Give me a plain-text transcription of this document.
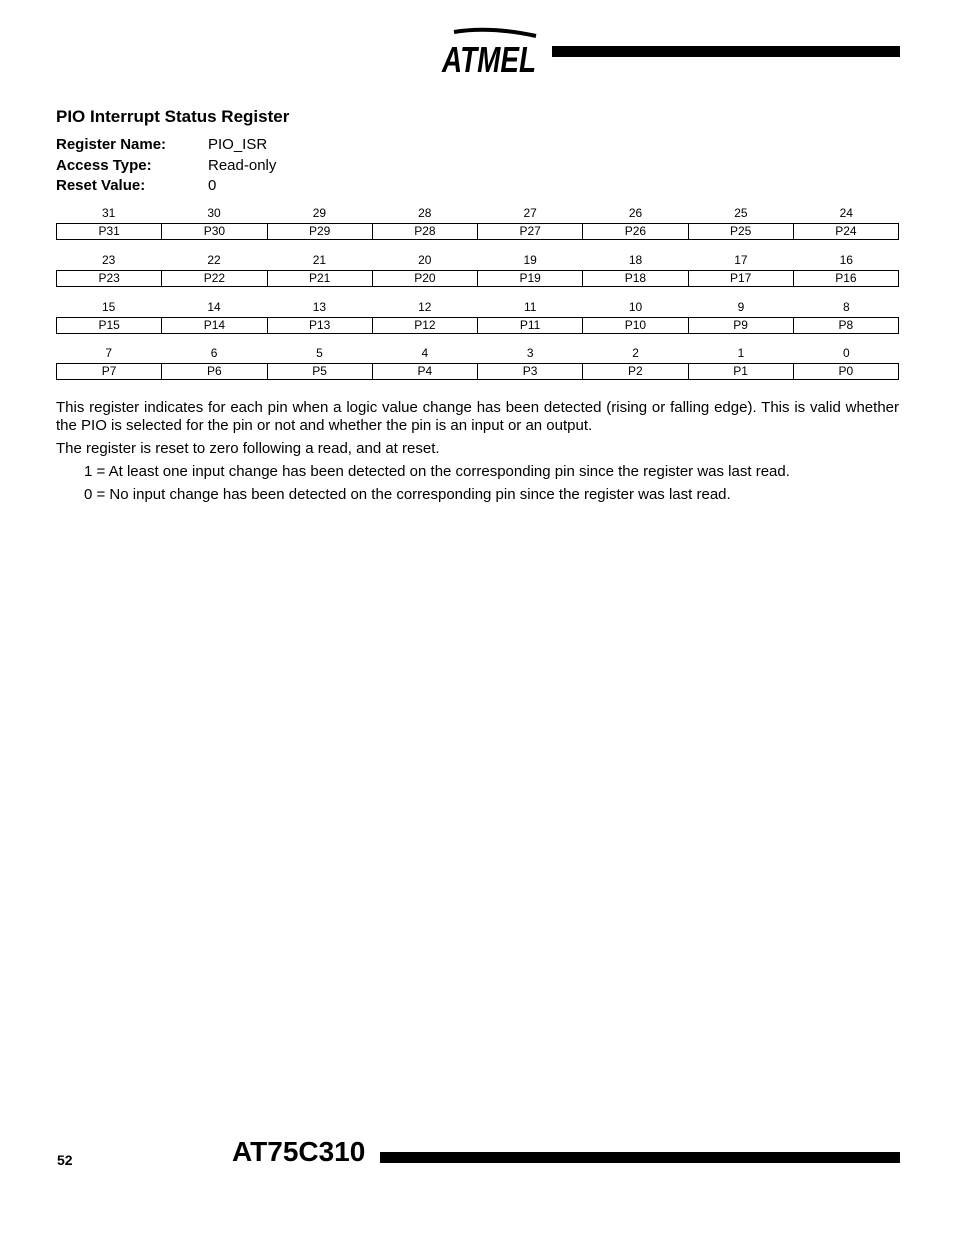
ATMEL
PIO Interrupt Status Register
Register Name:	PIO_ISR
Access Type:	Read-only
Reset Value:	0
31	30	29	28	27	26	25	24
P31	P30	P29	P28	P27	P26	P25	P24
23	22	21	20	19	18	17	16
P23	P22	P21	P20	P19	P18	P17	P16
15	14	13	12	11	10	9	8
P15	P14	P13	P12	P11	P10	P9	P8
7	6	5	4	3	2	1	0
P7	P6	P5	P4	P3	P2	P1	P0
This register indicates for each pin when a logic value change has been detected (rising or falling edge). This is valid whether the PIO is selected for the pin or not and whether the pin is an input or an output.
The register is reset to zero following a read, and at reset.
1 = At least one input change has been detected on the corresponding pin since the register was last read.
0 = No input change has been detected on the corresponding pin since the register was last read.
52	AT75C310
